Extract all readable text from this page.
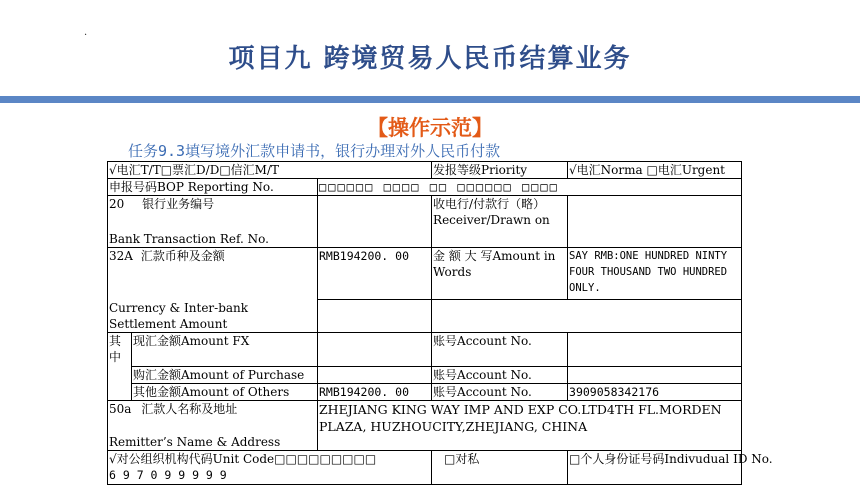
·
项目九 跨境贸易人民币结算业务
【操作示范】
任务9.3填写境外汇款申请书，银行办理对外人民币付款
√电汇T/T□票汇D/D□信汇M/T			发报等级Priority	√电汇Norma □电汇Urgent
申报号码BOP Reporting No.		□□□□□□ □□□□ □□ □□□□□□ □□□□		
20 银行业务编号
Bank Transaction Ref. No.			收电行/付款行（略）Receiver/Drawn on	
32A 汇款币种及金额		RMB194200. 00	金 额 大 写Amount in Words	SAY RMB:ONE HUNDRED NINTY FOUR THOUSAND TWO HUNDRED ONLY.
Currency & Inter-bank Settlement Amount				
其中	现汇金额Amount FX		账号Account No.	
	购汇金额Amount of Purchase		账号Account No.	
	其他金额Amount of Others	RMB194200. 00	账号Account No.	3909058342176
50a 汇款人名称及地址
Remitter’s Name & Address		ZHEJIANG KING WAY IMP AND EXP CO.LTD4TH FL.MORDEN PLAZA, HUZHOUCITY,ZHEJIANG, CHINA		

√对公组织机构代码Unit Code□□□□□□□□□
6 9 7 0 9 9 9 9 9			□对私	□个人身份证号码Indivudual ID No.
